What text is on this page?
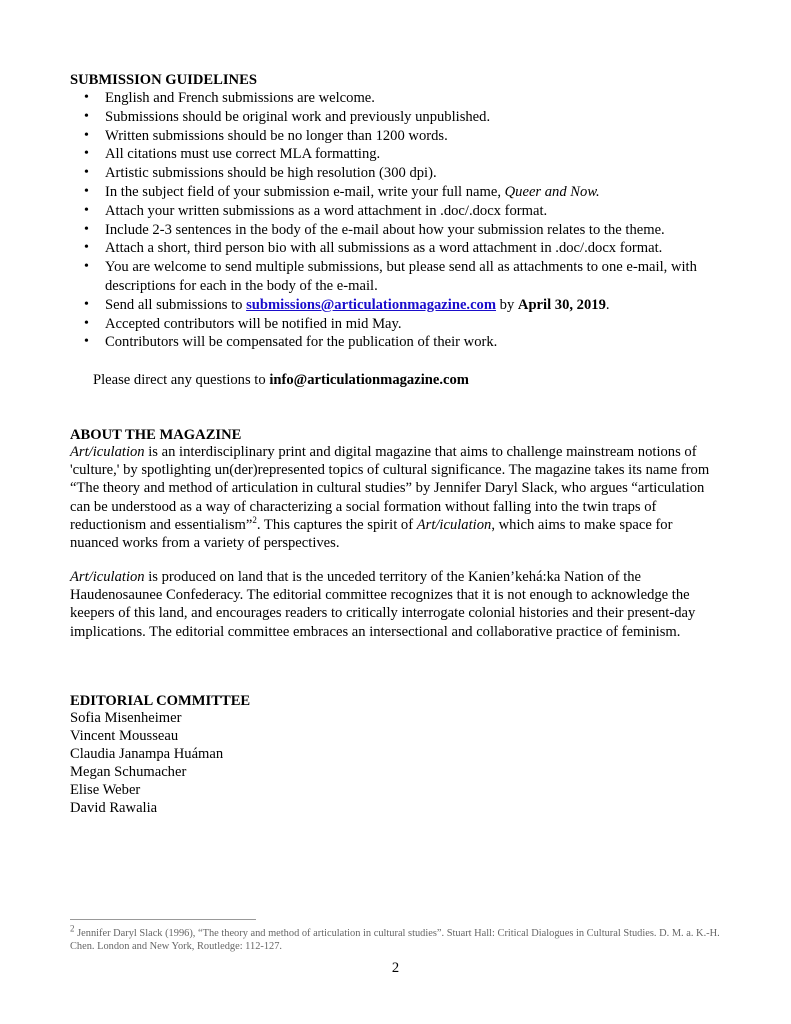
SUBMISSION GUIDELINES
• English and French submissions are welcome.
• Submissions should be original work and previously unpublished.
• Written submissions should be no longer than 1200 words.
• All citations must use correct MLA formatting.
• Artistic submissions should be high resolution (300 dpi).
• In the subject field of your submission e-mail, write your full name, Queer and Now.
• Attach your written submissions as a word attachment in .doc/.docx format.
• Include 2-3 sentences in the body of the e-mail about how your submission relates to the theme.
• Attach a short, third person bio with all submissions as a word attachment in .doc/.docx format.
• You are welcome to send multiple submissions, but please send all as attachments to one e-mail, with descriptions for each in the body of the e-mail.
• Send all submissions to submissions@articulationmagazine.com by April 30, 2019.
• Accepted contributors will be notified in mid May.
• Contributors will be compensated for the publication of their work.
Please direct any questions to info@articulationmagazine.com
ABOUT THE MAGAZINE

Art/iculation is an interdisciplinary print and digital magazine that aims to challenge mainstream notions of 'culture,' by spotlighting un(der)represented topics of cultural significance. The magazine takes its name from “The theory and method of articulation in cultural studies” by Jennifer Daryl Slack, who argues “articulation can be understood as a way of characterizing a social formation without falling into the twin traps of reductionism and essentialism”$^2$. This captures the spirit of Art/iculation, which aims to make space for nuanced works from a variety of perspectives.

Art/iculation is produced on land that is the unceded territory of the Kanien’kehá:ka Nation of the Haudenosaunee Confederacy. The editorial committee recognizes that it is not enough to acknowledge the keepers of this land, and encourages readers to critically interrogate colonial histories and their present-day implications. The editorial committee embraces an intersectional and collaborative practice of feminism.

EDITORIAL COMMITTEE
Sofia Misenheimer
Vincent Mousseau
Claudia Janampa Huáman
Megan Schumacher
Elise Weber
David Rawalia

$^2$ Jennifer Daryl Slack (1996), “The theory and method of articulation in cultural studies”. Stuart Hall: Critical Dialogues in Cultural Studies. D. M. a. K.-H. Chen. London and New York, Routledge: 112-127.

2
